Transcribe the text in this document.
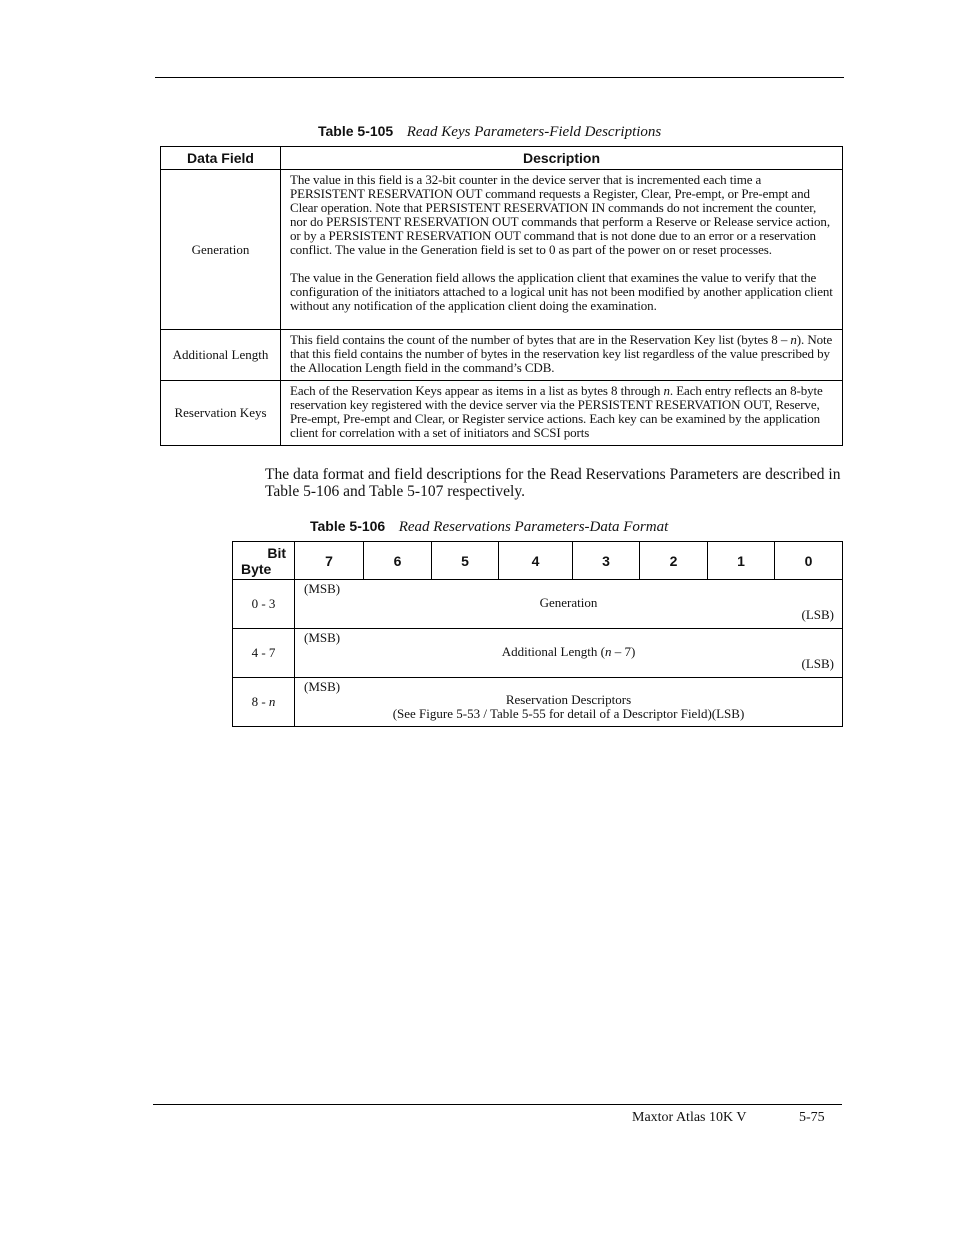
Table 5-105 Read Keys Parameters-Field Descriptions
Data Field	Description
Generation	The value in this field is a 32-bit counter in the device server that is incremented each time a PERSISTENT RESERVATION OUT command requests a Register, Clear, Pre-empt, or Pre-empt and Clear operation. Note that PERSISTENT RESERVATION IN commands do not increment the counter, nor do PERSISTENT RESERVATION OUT commands that perform a Reserve or Release service action, or by a PERSISTENT RESERVATION OUT command that is not done due to an error or a reservation conflict. The value in the Generation field is set to 0 as part of the power on or reset processes.

The value in the Generation field allows the application client that examines the value to verify that the configuration of the initiators attached to a logical unit has not been modified by another application client without any notification of the application client doing the examination.

Additional Length	This field contains the count of the number of bytes that are in the Reservation Key list (bytes 8 – n). Note that this field contains the number of bytes in the reservation key list regardless of the value prescribed by the Allocation Length field in the command’s CDB.
Reservation Keys	Each of the Reservation Keys appear as items in a list as bytes 8 through n. Each entry reflects an 8-byte reservation key registered with the device server via the PERSISTENT RESERVATION OUT, Reserve, Pre-empt, Pre-empt and Clear, or Register service actions. Each key can be examined by the application client for correlation with a set of initiators and SCSI ports
The data format and field descriptions for the Read Reservations Parameters are described in Table 5-106 and Table 5-107 respectively.
Table 5-106 Read Reservations Parameters-Data Format
Bit
Byte	7	6	5	4	3	2	1	0
0 - 3	(MSB)
Generation
(LSB)							

4 - 7	(MSB)
Additional Length (n – 7)
(LSB)							

8 - n	(MSB)
Reservation Descriptors
(See Figure 5-53 / Table 5-55 for detail of a Descriptor Field)(LSB)							
Maxtor Atlas 10K V	5-75
